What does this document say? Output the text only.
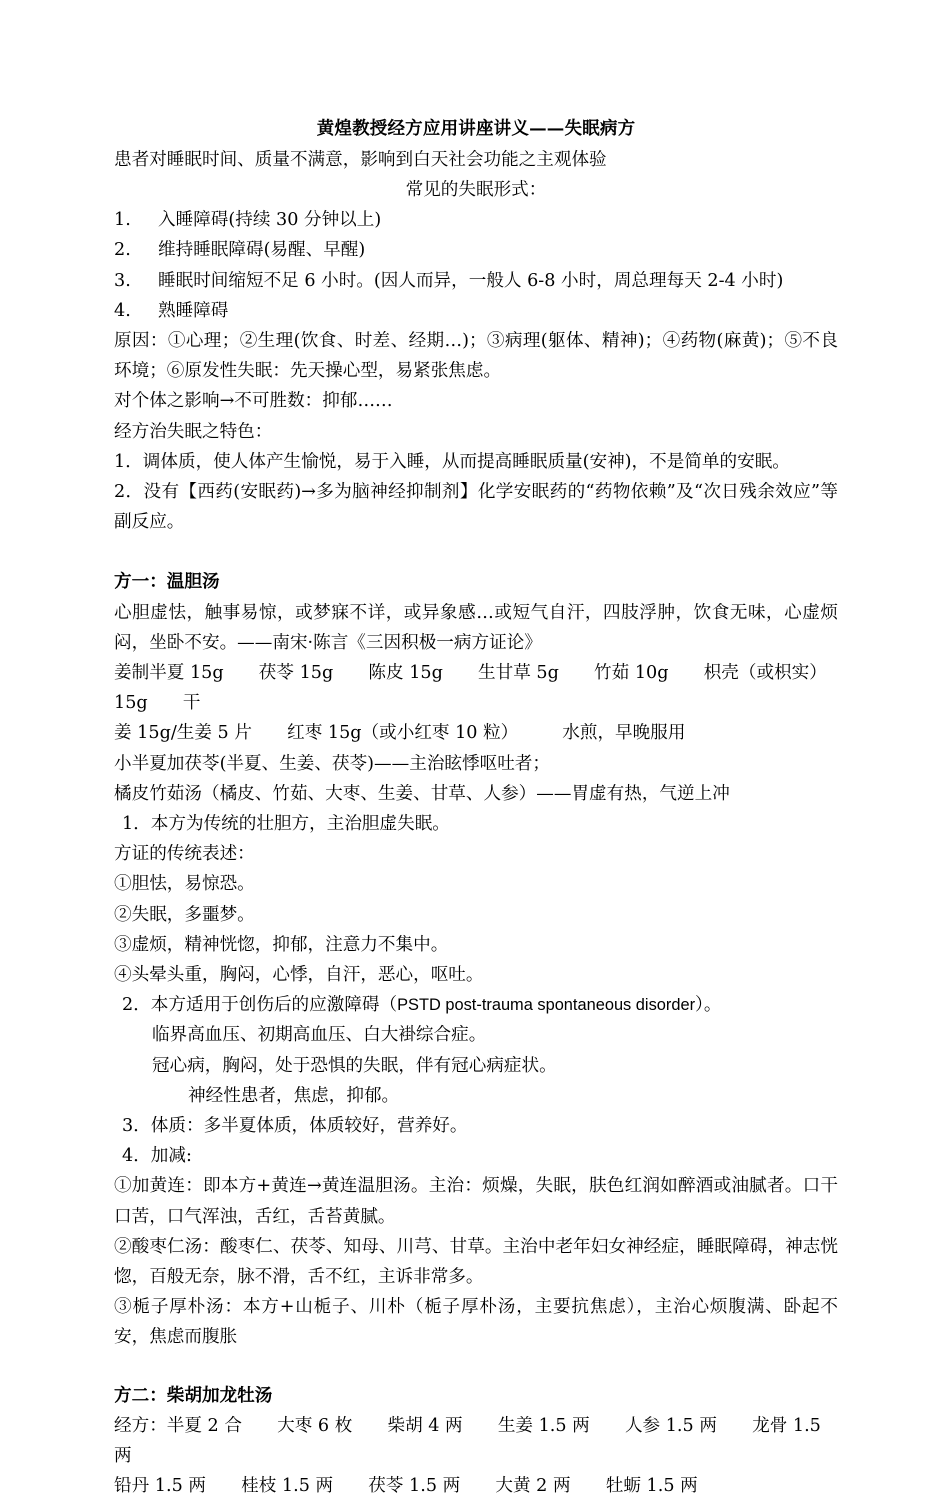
黄煌教授经方应用讲座讲义——失眠病方

患者对睡眠时间、质量不满意，影响到白天社会功能之主观体验

常见的失眠形式：

1.	入睡障碍(持续 30 分钟以上)
2.	维持睡眠障碍(易醒、早醒)
3.	睡眠时间缩短不足 6 小时。(因人而异，一般人 6-8 小时，周总理每天 2-4 小时)
4.	熟睡障碍

原因：①心理；②生理(饮食、时差、经期…)；③病理(躯体、精神)；④药物(麻黄)；⑤不良环境；⑥原发性失眠：先天操心型，易紧张焦虑。

对个体之影响→不可胜数：抑郁……

经方治失眠之特色：

1．调体质，使人体产生愉悦，易于入睡，从而提高睡眠质量(安神)，不是简单的安眠。

2．没有【西药(安眠药)→多为脑神经抑制剂】化学安眠药的“药物依赖”及“次日残余效应”等副反应。

方一：温胆汤

心胆虚怯，触事易惊，或梦寐不详，或异象感…或短气自汗，四肢浮肿，饮食无味，心虚烦闷，坐卧不安。——南宋·陈言《三因积极一病方证论》

姜制半夏 15g　　茯苓 15g　　陈皮 15g　　生甘草 5g　　竹茹 10g　　枳壳（或枳实）15g　　干

姜 15g/生姜 5 片　　红枣 15g（或小红枣 10 粒）　　　水煎，早晚服用

小半夏加茯苓(半夏、生姜、茯苓)——主治眩悸呕吐者；

橘皮竹茹汤（橘皮、竹茹、大枣、生姜、甘草、人参）——胃虚有热，气逆上冲

1．本方为传统的壮胆方，主治胆虚失眠。

方证的传统表述：

①胆怯，易惊恐。

②失眠，多噩梦。

③虚烦，精神恍惚，抑郁，注意力不集中。

④头晕头重，胸闷，心悸，自汗，恶心，呕吐。

2．本方适用于创伤后的应激障碍（PSTD post-trauma spontaneous disorder）。

临界高血压、初期高血压、白大褂综合症。

冠心病，胸闷，处于恐惧的失眠，伴有冠心病症状。

神经性患者，焦虑，抑郁。

3．体质：多半夏体质，体质较好，营养好。

4．加减:

①加黄连：即本方+黄连→黄连温胆汤。主治：烦燥，失眠，肤色红润如醉酒或油腻者。口干口苦，口气浑浊，舌红，舌苔黄腻。

②酸枣仁汤：酸枣仁、茯苓、知母、川芎、甘草。主治中老年妇女神经症，睡眠障碍，神志恍惚，百般无奈，脉不滑，舌不红，主诉非常多。

③栀子厚朴汤：本方+山栀子、川朴（栀子厚朴汤，主要抗焦虑），主治心烦腹满、卧起不安，焦虑而腹胀

方二：柴胡加龙牡汤

经方：半夏 2 合　　大枣 6 枚　　柴胡 4 两　　生姜 1.5 两　　人参 1.5 两　　龙骨 1.5 两

铅丹 1.5 两　　桂枝 1.5 两　　茯苓 1.5 两　　大黄 2 两　　牡蛎 1.5 两
